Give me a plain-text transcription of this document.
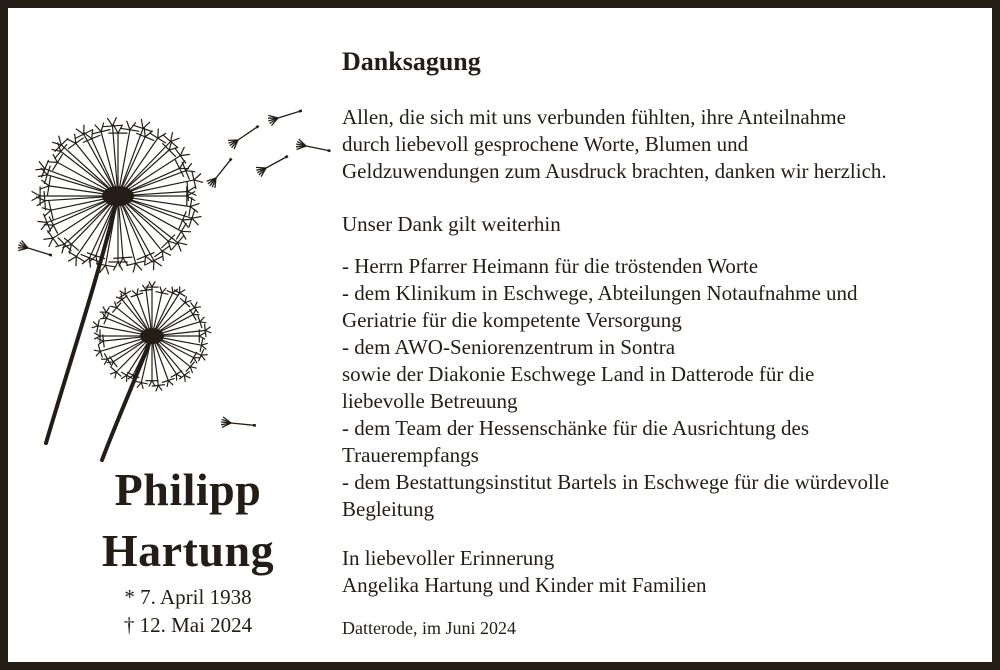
Philipp
Hartung
* 7. April 1938
† 12. Mai 2024
Danksagung
Allen, die sich mit uns verbunden fühlten, ihre Anteilnahme
durch liebevoll gesprochene Worte, Blumen und
Geldzuwendungen zum Ausdruck brachten, danken wir herzlich.
Unser Dank gilt weiterhin
- Herrn Pfarrer Heimann für die tröstenden Worte
- dem Klinikum in Eschwege, Abteilungen Notaufnahme und
Geriatrie für die kompetente Versorgung
- dem AWO-Seniorenzentrum in Sontra
sowie der Diakonie Eschwege Land in Datterode für die
liebevolle Betreuung
- dem Team der Hessenschänke für die Ausrichtung des
Trauerempfangs
- dem Bestattungsinstitut Bartels in Eschwege für die würdevolle
Begleitung
In liebevoller Erinnerung
Angelika Hartung und Kinder mit Familien
Datterode, im Juni 2024
